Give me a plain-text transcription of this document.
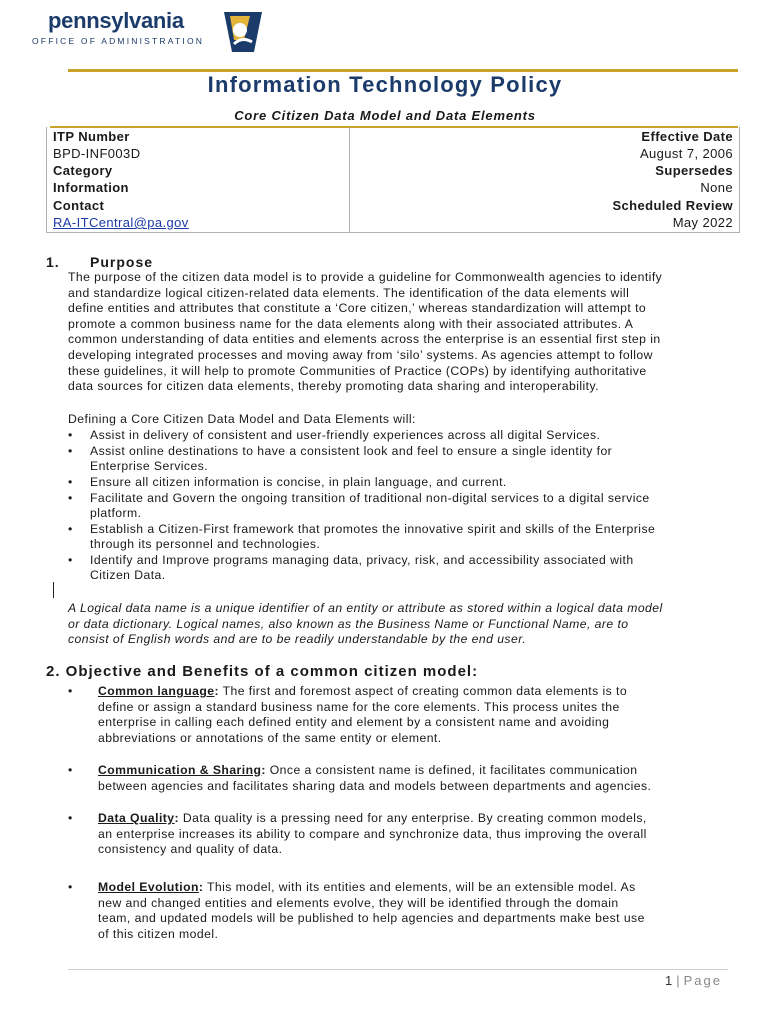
pennsylvania
OFFICE OF ADMINISTRATION
Information Technology Policy
Core Citizen Data Model and Data Elements
ITP Number
BPD-INF003D
Category
Information
Contact
RA-ITCentral@pa.gov
Effective Date
August 7, 2006
Supersedes
None
Scheduled Review
May 2022
1. Purpose
The purpose of the citizen data model is to provide a guideline for Commonwealth agencies to identify
and standardize logical citizen-related data elements. The identification of the data elements will
define entities and attributes that constitute a ‘Core citizen,’ whereas standardization will attempt to
promote a common business name for the data elements along with their associated attributes. A
common understanding of data entities and elements across the enterprise is an essential first step in
developing integrated processes and moving away from ‘silo’ systems. As agencies attempt to follow
these guidelines, it will help to promote Communities of Practice (COPs) by identifying authoritative
data sources for citizen data elements, thereby promoting data sharing and interoperability.
Defining a Core Citizen Data Model and Data Elements will:
• Assist in delivery of consistent and user-friendly experiences across all digital Services.
• Assist online destinations to have a consistent look and feel to ensure a single identity for
Enterprise Services.
• Ensure all citizen information is concise, in plain language, and current.
• Facilitate and Govern the ongoing transition of traditional non-digital services to a digital service
platform.
• Establish a Citizen-First framework that promotes the innovative spirit and skills of the Enterprise
through its personnel and technologies.
• Identify and Improve programs managing data, privacy, risk, and accessibility associated with
Citizen Data.
A Logical data name is a unique identifier of an entity or attribute as stored within a logical data model
or data dictionary. Logical names, also known as the Business Name or Functional Name, are to
consist of English words and are to be readily understandable by the end user.
2. Objective and Benefits of a common citizen model:
• Common language: The first and foremost aspect of creating common data elements is to
define or assign a standard business name for the core elements. This process unites the
enterprise in calling each defined entity and element by a consistent name and avoiding
abbreviations or annotations of the same entity or element.
• Communication & Sharing: Once a consistent name is defined, it facilitates communication
between agencies and facilitates sharing data and models between departments and agencies.
• Data Quality: Data quality is a pressing need for any enterprise. By creating common models,
an enterprise increases its ability to compare and synchronize data, thus improving the overall
consistency and quality of data.
• Model Evolution: This model, with its entities and elements, will be an extensible model. As
new and changed entities and elements evolve, they will be identified through the domain
team, and updated models will be published to help agencies and departments make best use
of this citizen model.
1 | Page
